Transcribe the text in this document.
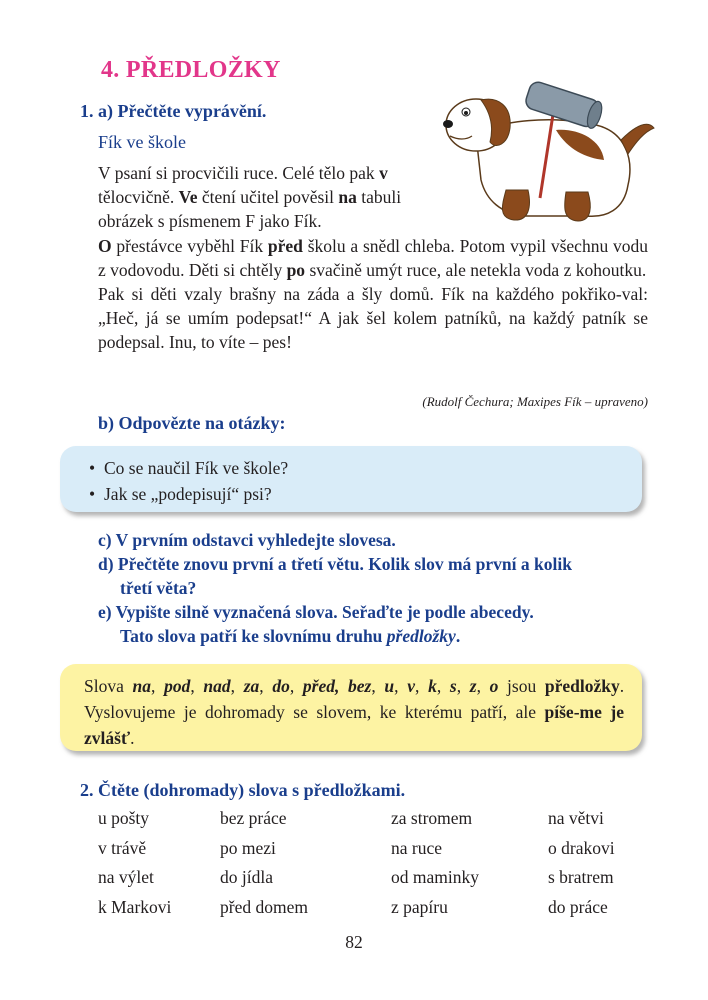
4. PŘEDLOŽKY
1. a) Přečtěte vyprávění.
Fík ve škole

V psaní si procvičili ruce. Celé tělo pak v tělocvičně. Ve čtení učitel pověsil na tabuli obrázek s písmenem F jako Fík.

O přestávce vyběhl Fík před školu a snědl chleba. Potom vypil všechnu vodu z vodovodu. Děti si chtěly po svačině umýt ruce, ale netekla voda z kohoutku.

Pak si děti vzaly brašny na záda a šly domů. Fík na každého pokřiko-val: „Heč, já se umím podepsat!“ A jak šel kolem patníků, na každý patník se podepsal. Inu, to víte – pes!

(Rudolf Čechura; Maxipes Fík – upraveno)
b) Odpovězte na otázky:
• Co se naučil Fík ve škole?
• Jak se „podepisují“ psi?
c) V prvním odstavci vyhledejte slovesa.
d) Přečtěte znovu první a třetí větu. Kolik slov má první a kolik
třetí věta?
e) Vypište silně vyznačená slova. Seřaďte je podle abecedy.
Tato slova patří ke slovnímu druhu předložky.

Slova na, pod, nad, za, do, před, bez, u, v, k, s, z, o jsou předložky. Vyslovujeme je dohromady se slovem, ke kterému patří, ale píše-me je zvlášť.

2. Čtěte (dohromady) slova s předložkami.
u pošty	bez práce	za stromem	na větvi
v trávě	po mezi	na ruce	o drakovi
na výlet	do jídla	od maminky	s bratrem
k Markovi	před domem	z papíru	do práce
82
